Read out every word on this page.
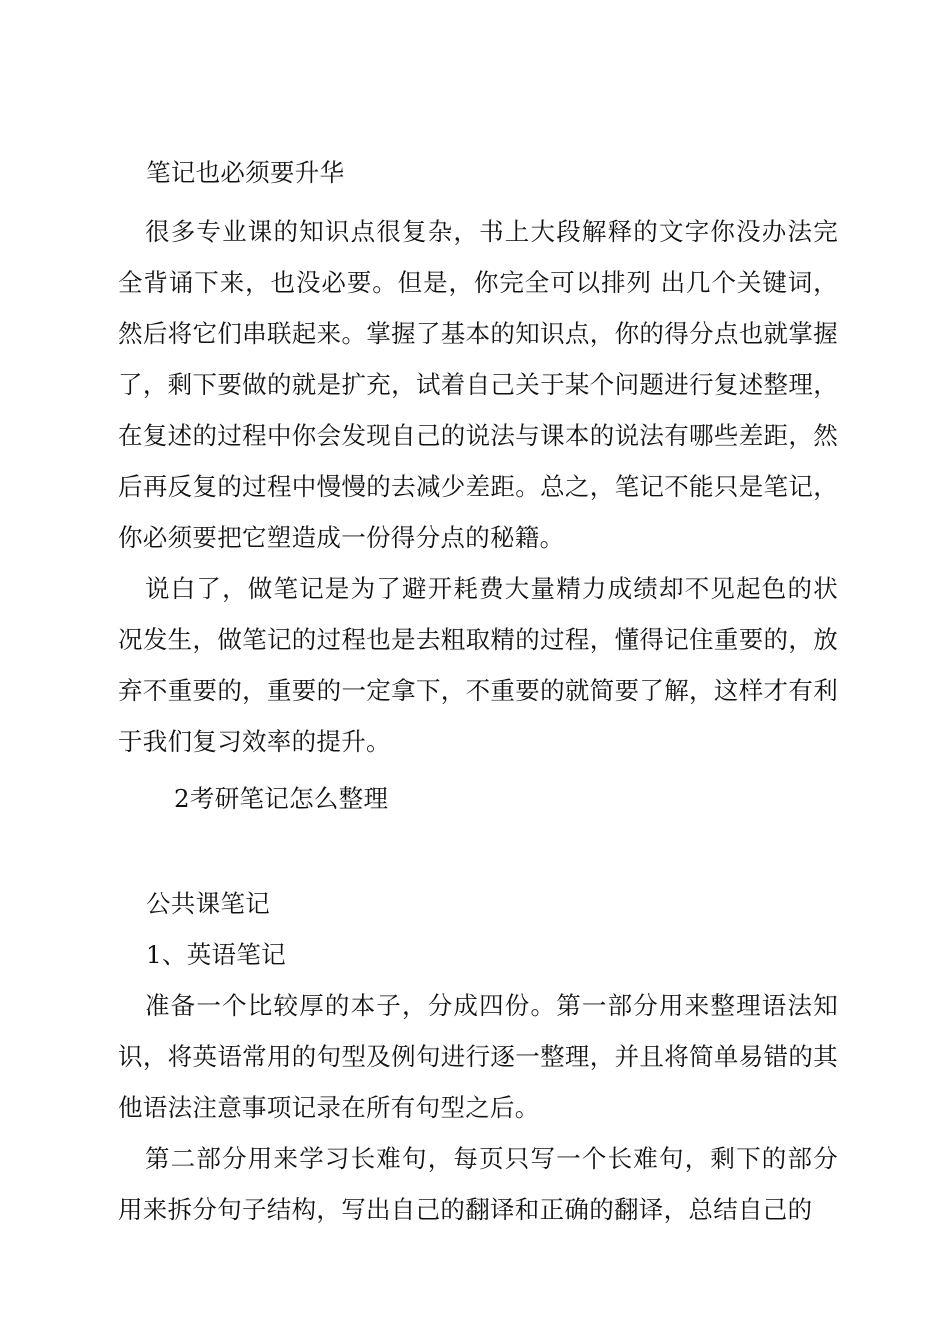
笔记也必须要升华

很多专业课的知识点很复杂，书上大段解释的文字你没办法完全背诵下来，也没必要。但是，你完全可以排列 出几个关键词，然后将它们串联起来。掌握了基本的知识点，你的得分点也就掌握了，剩下要做的就是扩充，试着自己关于某个问题进行复述整理，在复述的过程中你会发现自己的说法与课本的说法有哪些差距，然后再反复的过程中慢慢的去减少差距。总之，笔记不能只是笔记，你必须要把它塑造成一份得分点的秘籍。

说白了，做笔记是为了避开耗费大量精力成绩却不见起色的状况发生，做笔记的过程也是去粗取精的过程，懂得记住重要的，放弃不重要的，重要的一定拿下，不重要的就简要了解，这样才有利于我们复习效率的提升。

2考研笔记怎么整理

公共课笔记

1、英语笔记

准备一个比较厚的本子，分成四份。第一部分用来整理语法知识，将英语常用的句型及例句进行逐一整理，并且将简单易错的其他语法注意事项记录在所有句型之后。

第二部分用来学习长难句，每页只写一个长难句，剩下的部分用来拆分句子结构，写出自己的翻译和正确的翻译，总结自己的
